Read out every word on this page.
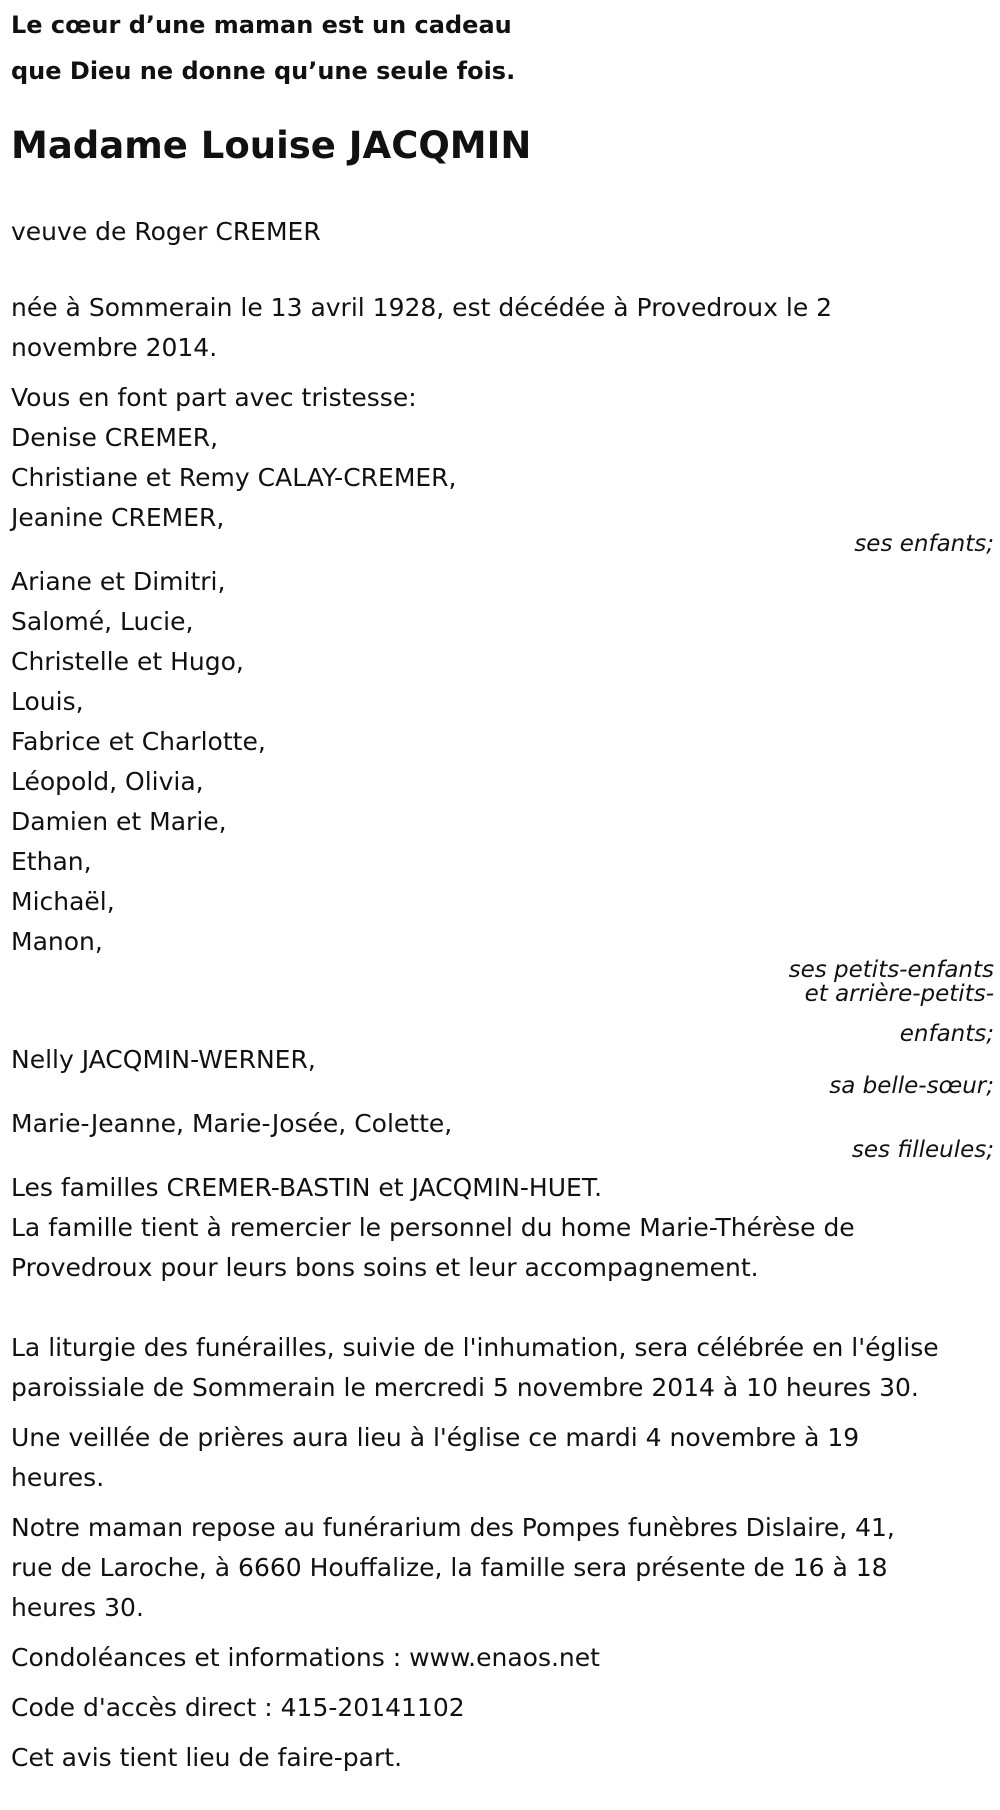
Le cœur d’une maman est un cadeau
que Dieu ne donne qu’une seule fois.
Madame Louise JACQMIN
veuve de Roger CREMER
née à Sommerain le 13 avril 1928, est décédée à Provedroux le 2
novembre 2014.
Vous en font part avec tristesse:
Denise CREMER,
Christiane et Remy CALAY-CREMER,
Jeanine CREMER,
ses enfants;
Ariane et Dimitri,
Salomé, Lucie,
Christelle et Hugo,
Louis,
Fabrice et Charlotte,
Léopold, Olivia,
Damien et Marie,
Ethan,
Michaël,
Manon,
ses petits-enfants
et arrière-petits-
enfants;
Nelly JACQMIN-WERNER,
sa belle-sœur;
Marie-Jeanne, Marie-Josée, Colette,
ses filleules;
Les familles CREMER-BASTIN et JACQMIN-HUET.
La famille tient à remercier le personnel du home Marie-Thérèse de
Provedroux pour leurs bons soins et leur accompagnement.
La liturgie des funérailles, suivie de l'inhumation, sera célébrée en l'église
paroissiale de Sommerain le mercredi 5 novembre 2014 à 10 heures 30.
Une veillée de prières aura lieu à l'église ce mardi 4 novembre à 19
heures.
Notre maman repose au funérarium des Pompes funèbres Dislaire, 41,
rue de Laroche, à 6660 Houffalize, la famille sera présente de 16 à 18
heures 30.
Condoléances et informations : www.enaos.net
Code d'accès direct : 415-20141102
Cet avis tient lieu de faire-part.
